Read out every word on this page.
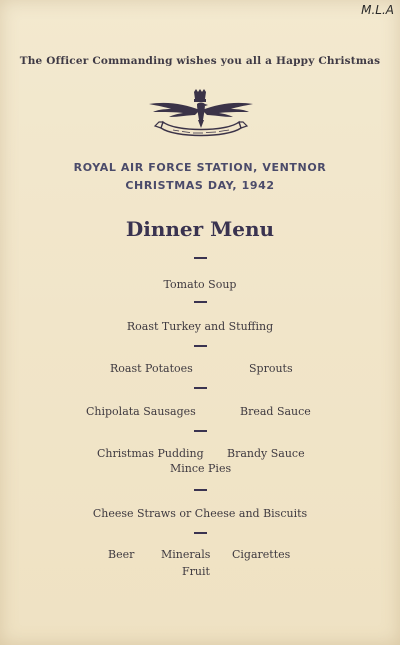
M.L.A
The Officer Commanding wishes you all a Happy Christmas
ROYAL AIR FORCE STATION, VENTNOR
CHRISTMAS DAY, 1942
Dinner Menu
Tomato Soup
Roast Turkey and Stuffing
Roast Potatoes	Sprouts
Chipolata Sausages	Bread Sauce
Christmas Pudding Brandy Sauce
Mince Pies
Cheese Straws or Cheese and Biscuits
Beer Minerals Cigarettes
Fruit
